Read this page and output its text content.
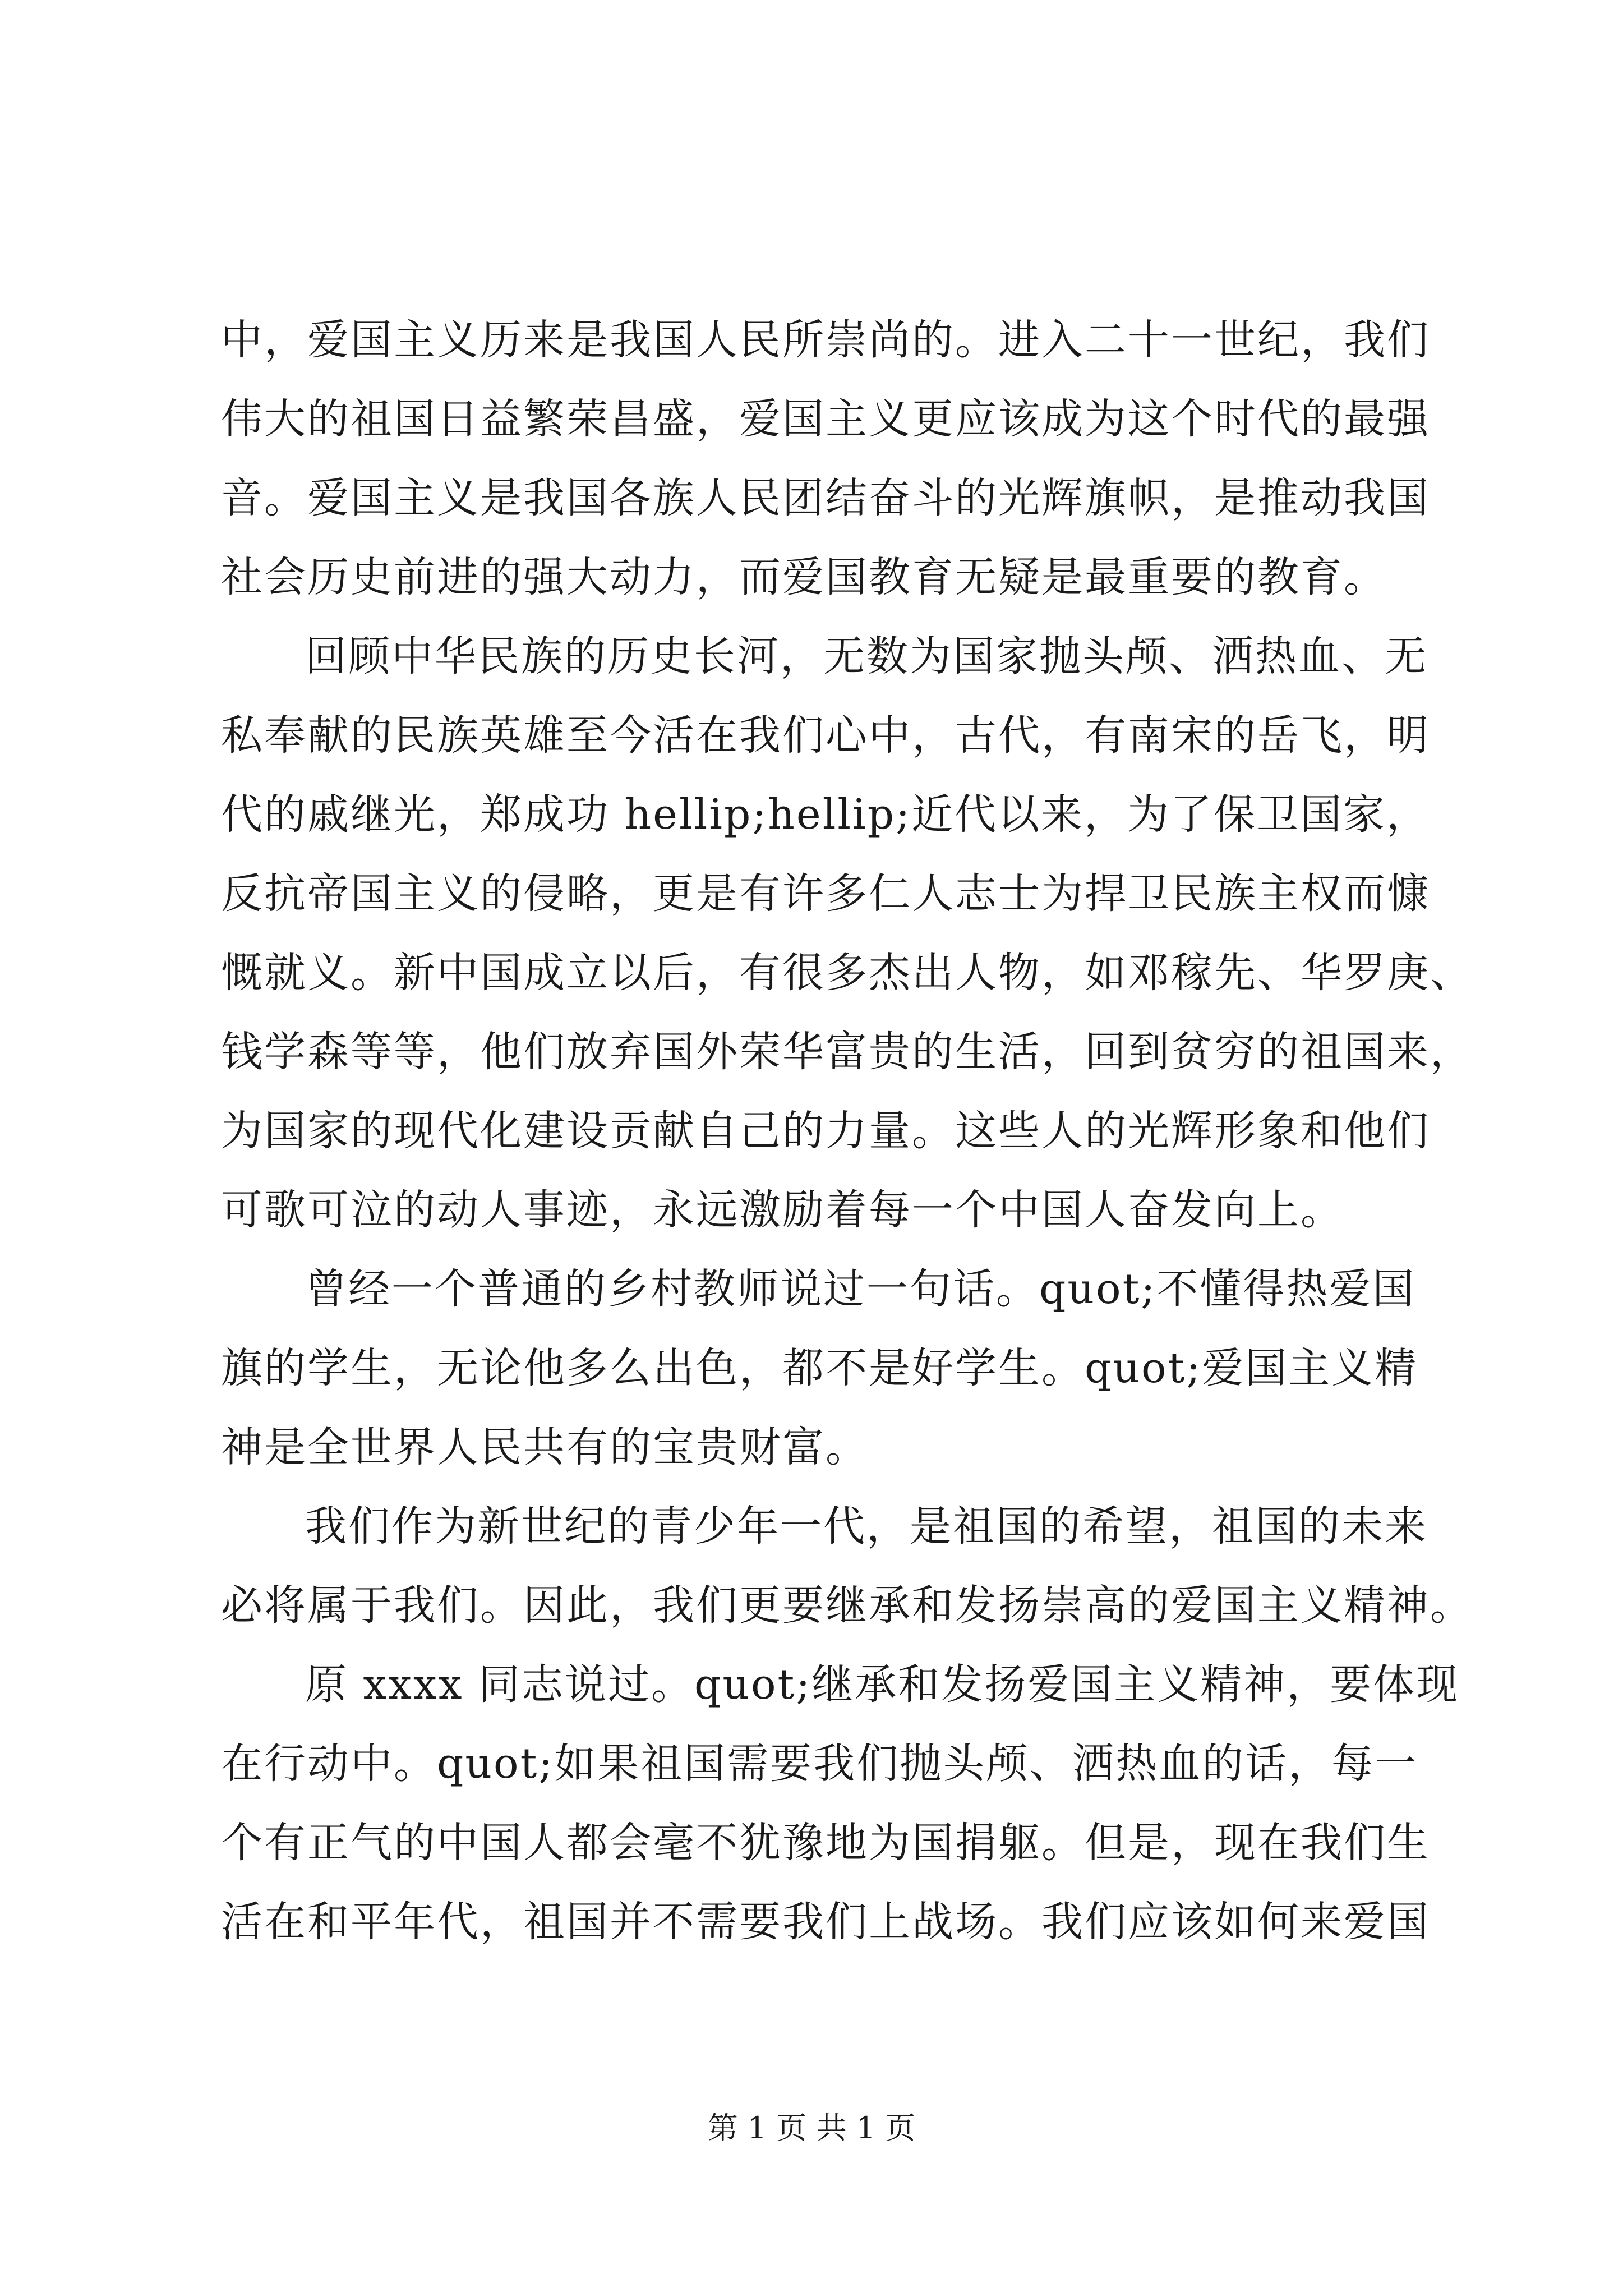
中，爱国主义历来是我国人民所崇尚的。进入二十一世纪，我们
伟大的祖国日益繁荣昌盛，爱国主义更应该成为这个时代的最强
音。爱国主义是我国各族人民团结奋斗的光辉旗帜，是推动我国
社会历史前进的强大动力，而爱国教育无疑是最重要的教育。
回顾中华民族的历史长河，无数为国家抛头颅、洒热血、无
私奉献的民族英雄至今活在我们心中，古代，有南宋的岳飞，明
代的戚继光，郑成功 hellip;hellip;近代以来，为了保卫国家，
反抗帝国主义的侵略，更是有许多仁人志士为捍卫民族主权而慷
慨就义。新中国成立以后，有很多杰出人物，如邓稼先、华罗庚、
钱学森等等，他们放弃国外荣华富贵的生活，回到贫穷的祖国来，
为国家的现代化建设贡献自己的力量。这些人的光辉形象和他们
可歌可泣的动人事迹，永远激励着每一个中国人奋发向上。
曾经一个普通的乡村教师说过一句话。quot;不懂得热爱国
旗的学生，无论他多么出色，都不是好学生。quot;爱国主义精
神是全世界人民共有的宝贵财富。
我们作为新世纪的青少年一代，是祖国的希望，祖国的未来
必将属于我们。因此，我们更要继承和发扬崇高的爱国主义精神。
原 xxxx 同志说过。quot;继承和发扬爱国主义精神，要体现
在行动中。quot;如果祖国需要我们抛头颅、洒热血的话，每一
个有正气的中国人都会毫不犹豫地为国捐躯。但是，现在我们生
活在和平年代，祖国并不需要我们上战场。我们应该如何来爱国
第 1 页 共 1 页
